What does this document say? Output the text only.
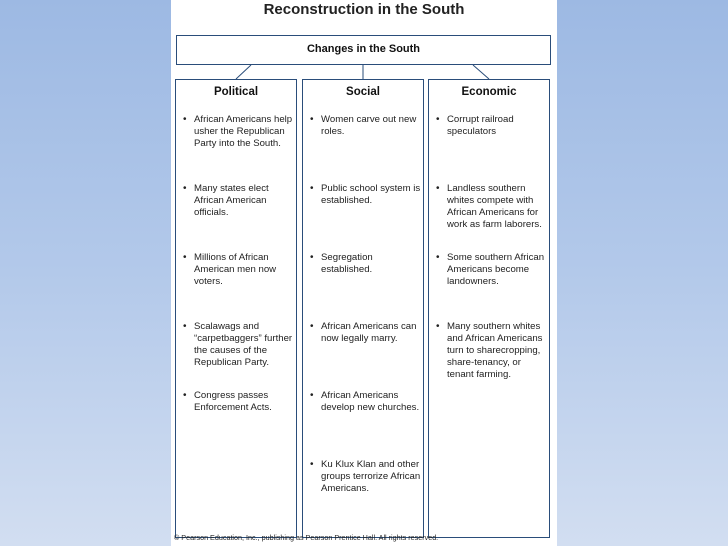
Reconstruction in the South
Changes in the South
Political
• African Americans help usher the Republican Party into the South.
• Many states elect African American officials.
• Millions of African American men now voters.
• Scalawags and “carpetbaggers” further the causes of the Republican Party.
• Congress passes Enforcement Acts.
Social
• Women carve out new roles.
• Public school system is established.
• Segregation established.
• African Americans can now legally marry.
• African Americans develop new churches.
• Ku Klux Klan and other groups terrorize African Americans.
Economic
• Corrupt railroad speculators
• Landless southern whites compete with African Americans for work as farm laborers.
• Some southern African Americans become landowners.
• Many southern whites and African Americans turn to sharecropping, share-tenancy, or tenant farming.
© Pearson Education, Inc., publishing as Pearson Prentice Hall. All rights reserved.
